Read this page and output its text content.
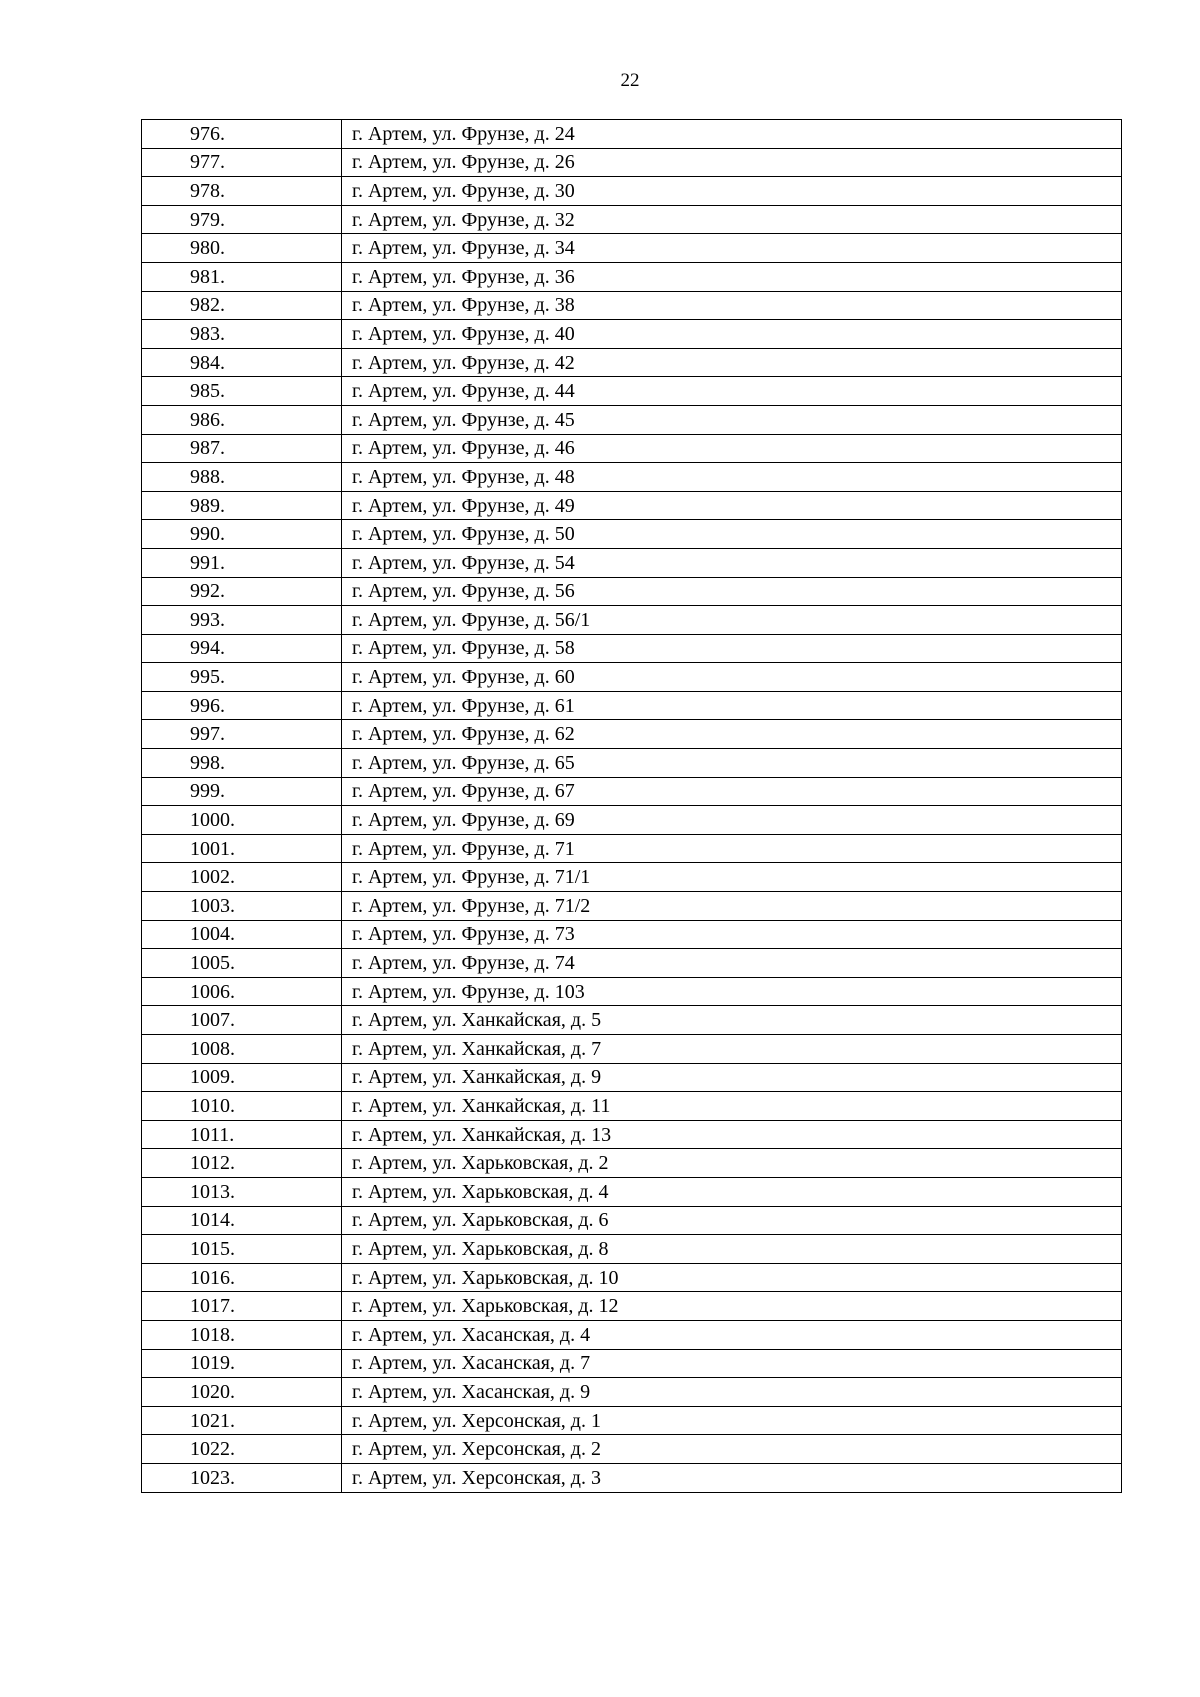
22
976.	г. Артем, ул. Фрунзе, д. 24
977.	г. Артем, ул. Фрунзе, д. 26
978.	г. Артем, ул. Фрунзе, д. 30
979.	г. Артем, ул. Фрунзе, д. 32
980.	г. Артем, ул. Фрунзе, д. 34
981.	г. Артем, ул. Фрунзе, д. 36
982.	г. Артем, ул. Фрунзе, д. 38
983.	г. Артем, ул. Фрунзе, д. 40
984.	г. Артем, ул. Фрунзе, д. 42
985.	г. Артем, ул. Фрунзе, д. 44
986.	г. Артем, ул. Фрунзе, д. 45
987.	г. Артем, ул. Фрунзе, д. 46
988.	г. Артем, ул. Фрунзе, д. 48
989.	г. Артем, ул. Фрунзе, д. 49
990.	г. Артем, ул. Фрунзе, д. 50
991.	г. Артем, ул. Фрунзе, д. 54
992.	г. Артем, ул. Фрунзе, д. 56
993.	г. Артем, ул. Фрунзе, д. 56/1
994.	г. Артем, ул. Фрунзе, д. 58
995.	г. Артем, ул. Фрунзе, д. 60
996.	г. Артем, ул. Фрунзе, д. 61
997.	г. Артем, ул. Фрунзе, д. 62
998.	г. Артем, ул. Фрунзе, д. 65
999.	г. Артем, ул. Фрунзе, д. 67
1000.	г. Артем, ул. Фрунзе, д. 69
1001.	г. Артем, ул. Фрунзе, д. 71
1002.	г. Артем, ул. Фрунзе, д. 71/1
1003.	г. Артем, ул. Фрунзе, д. 71/2
1004.	г. Артем, ул. Фрунзе, д. 73
1005.	г. Артем, ул. Фрунзе, д. 74
1006.	г. Артем, ул. Фрунзе, д. 103
1007.	г. Артем, ул. Ханкайская, д. 5
1008.	г. Артем, ул. Ханкайская, д. 7
1009.	г. Артем, ул. Ханкайская, д. 9
1010.	г. Артем, ул. Ханкайская, д. 11
1011.	г. Артем, ул. Ханкайская, д. 13
1012.	г. Артем, ул. Харьковская, д. 2
1013.	г. Артем, ул. Харьковская, д. 4
1014.	г. Артем, ул. Харьковская, д. 6
1015.	г. Артем, ул. Харьковская, д. 8
1016.	г. Артем, ул. Харьковская, д. 10
1017.	г. Артем, ул. Харьковская, д. 12
1018.	г. Артем, ул. Хасанская, д. 4
1019.	г. Артем, ул. Хасанская, д. 7
1020.	г. Артем, ул. Хасанская, д. 9
1021.	г. Артем, ул. Херсонская, д. 1
1022.	г. Артем, ул. Херсонская, д. 2
1023.	г. Артем, ул. Херсонская, д. 3
